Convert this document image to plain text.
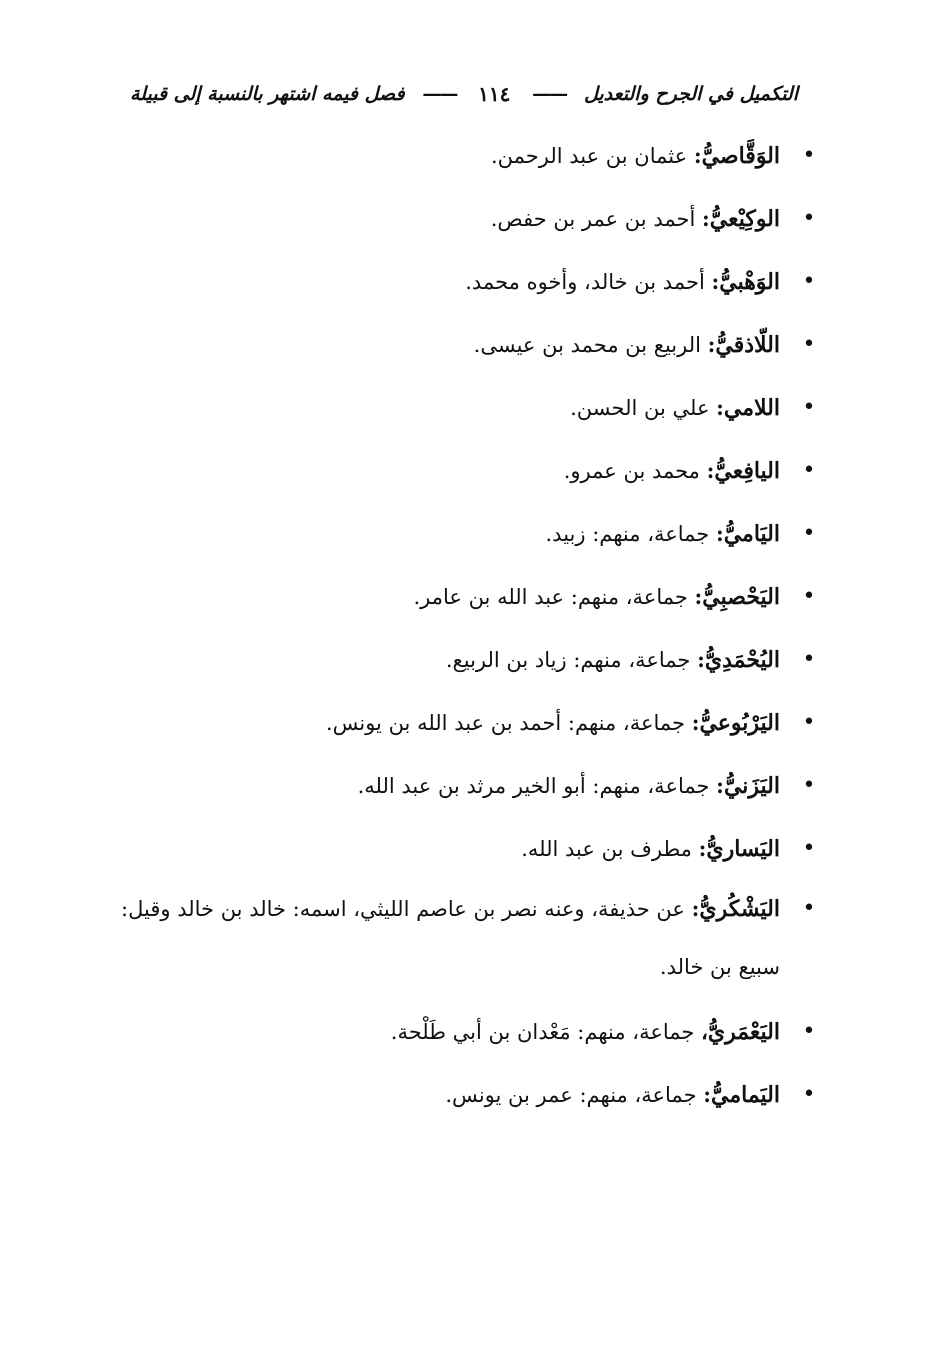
التكميل في الجرح والتعديل
——
١١٤
——
فصل فيمه اشتهر بالنسبة إلى قبيلة
•
الوَقَّاصيُّ: عثمان بن عبد الرحمن.
•
الوكِيْعيُّ: أحمد بن عمر بن حفص.
•
الوَهْبيُّ: أحمد بن خالد، وأخوه محمد.
•
اللّاذقيُّ: الربيع بن محمد بن عيسى.
•
اللامي: علي بن الحسن.
•
اليافِعيُّ: محمد بن عمرو.
•
اليَاميُّ: جماعة، منهم: زبيد.
•
اليَحْصبِيُّ: جماعة، منهم: عبد الله بن عامر.
•
اليُحْمَدِيُّ: جماعة، منهم: زياد بن الربيع.
•
اليَرْبُوعيُّ: جماعة، منهم: أحمد بن عبد الله بن يونس.
•
اليَزَنيُّ: جماعة، منهم: أبو الخير مرثد بن عبد الله.
•
اليَساريُّ: مطرف بن عبد الله.
•
اليَشْكُريُّ: عن حذيفة، وعنه نصر بن عاصم الليثي، اسمه: خالد بن خالد وقيل: سبيع بن خالد.
•
اليَعْمَريُّ، جماعة، منهم: مَعْدان بن أبي طَلْحة.
•
اليَماميُّ: جماعة، منهم: عمر بن يونس.
